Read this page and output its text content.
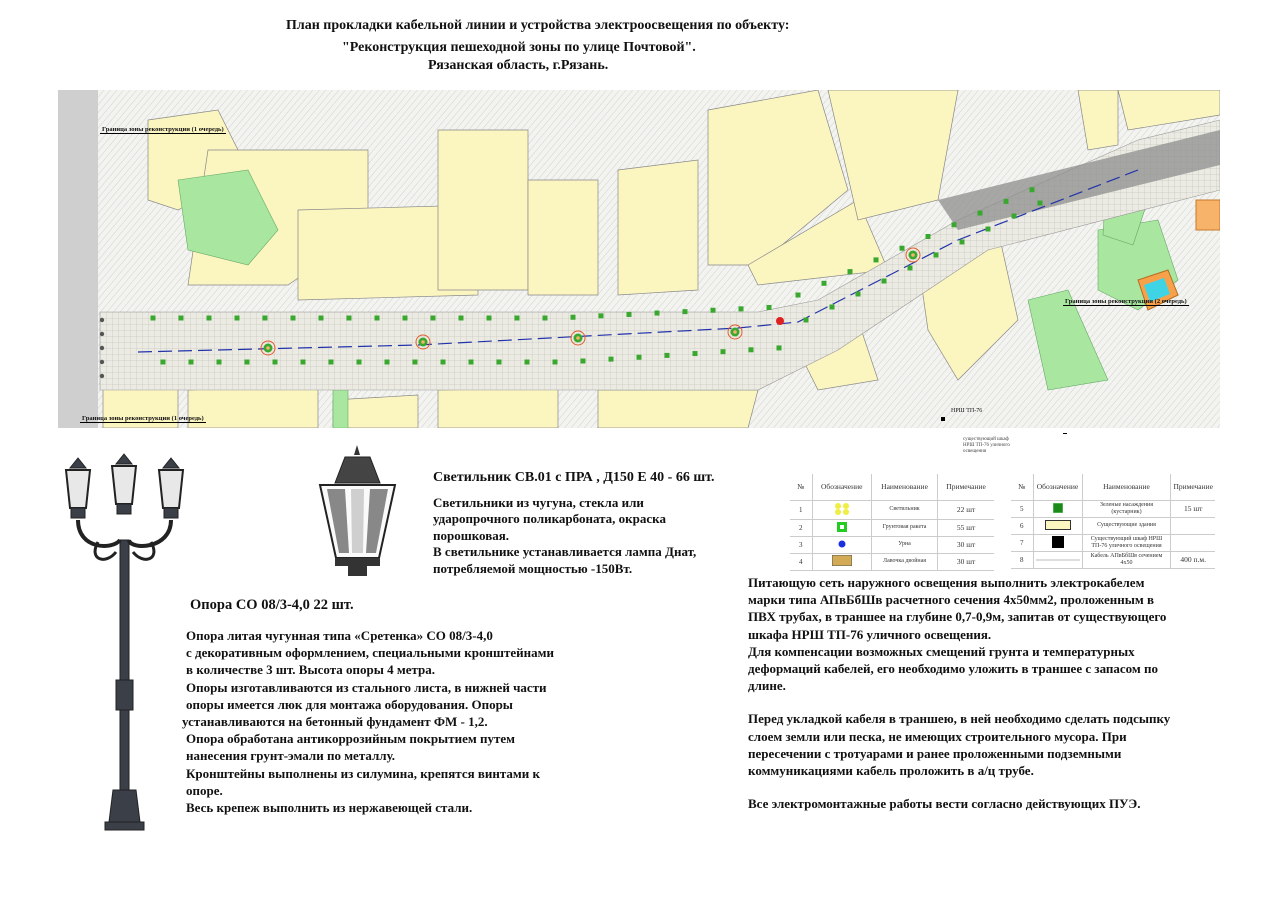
План прокладки кабельной линии и устройства электроосвещения по объекту:
"Реконструкция пешеходной зоны по улице Почтовой".
Рязанская область, г.Рязань.
Граница зоны реконструкции (1 очередь)
Граница зоны реконструкции (2 очередь)
Граница зоны реконструкции (1 очередь)
НРШ ТП-76
существующий шкаф
НРШ ТП-76 уличного
освещения
Светильник СВ.01 с ПРА , Д150 Е 40 - 66 шт.
Светильники из чугуна, стекла или
ударопрочного поликарбоната, окраска
порошковая.
В светильнике устанавливается лампа Днат,
потребляемой мощностью -150Вт.
Опора СО 08/3-4,0 22 шт.
Опора литая чугунная типа «Сретенка» СО 08/3-4,0
с декоративным оформлением, специальными кронштейнами
в количестве 3 шт. Высота опоры 4 метра.
Опоры изготавливаются из стального листа, в нижней части
опоры имеется люк для монтажа оборудования. Опоры
устанавливаются на бетонный фундамент ФМ - 1,2.
Опора обработана антикоррозийным покрытием путем
нанесения грунт-эмали по металлу.
Кронштейны выполнены из силумина, крепятся винтами к
опоре.
Весь крепеж выполнить из нержавеющей стали.
№	Обозначение	Наименование	Примечание
1		Светильник	22 шт
2		Грунтовая ракета	55 шт
3		Урна	30 шт
4		Лавочка двойная	30 шт
№	Обозначение	Наименование	Примечание
5		Зеленые насаждения (кустарник)	15 шт
6		Существующие здания	
7		Существующий шкаф НРШ ТП-76 уличного освещения	
8		Кабель АПвБбШв сечением 4х50	400 п.м.
Питающую сеть наружного освещения выполнить электрокабелем
марки типа АПвБбШв расчетного сечения 4х50мм2, проложенным в
ПВХ трубах, в траншее на глубине 0,7-0,9м, запитав от существующего
шкафа НРШ ТП-76 уличного освещения.
Для компенсации возможных смещений грунта и температурных
деформаций кабелей, его необходимо уложить в траншее с запасом по
длине.
Перед укладкой кабеля в траншею, в ней необходимо сделать подсыпку
слоем земли или песка, не имеющих строительного мусора. При
пересечении с тротуарами и ранее проложенными подземными
коммуникациями кабель проложить в а/ц трубе.
Все электромонтажные работы вести согласно действующих ПУЭ.
